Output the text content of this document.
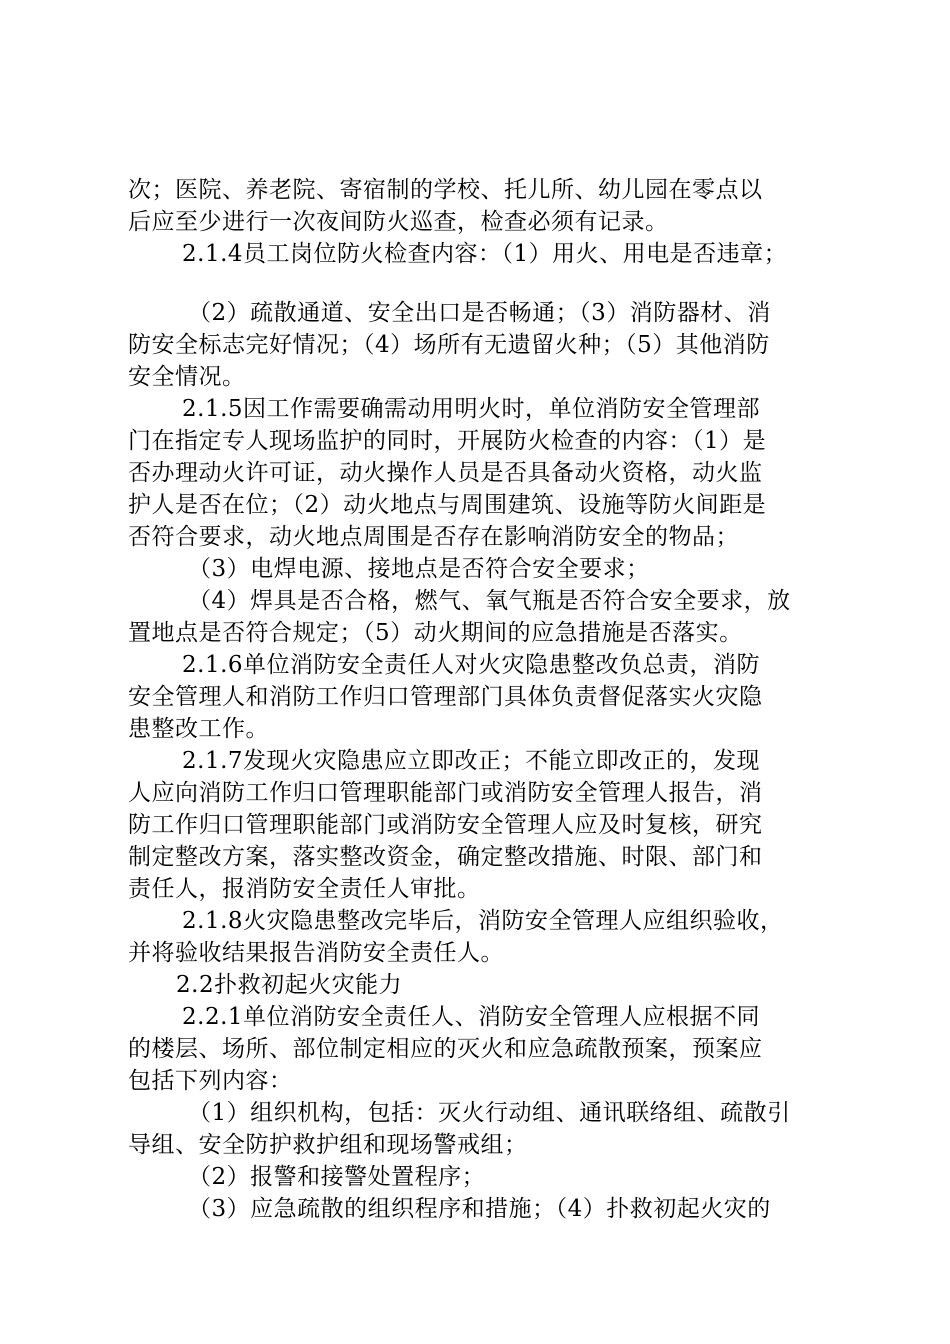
次；医院、养老院、寄宿制的学校、托儿所、幼儿园在零点以
后应至少进行一次夜间防火巡查，检查必须有记录。
2.1.4员工岗位防火检查内容：（1）用火、用电是否违章；
（2）疏散通道、安全出口是否畅通；（3）消防器材、消
防安全标志完好情况；（4）场所有无遗留火种；（5）其他消防
安全情况。
2.1.5因工作需要确需动用明火时，单位消防安全管理部
门在指定专人现场监护的同时，开展防火检查的内容：（1）是
否办理动火许可证，动火操作人员是否具备动火资格，动火监
护人是否在位；（2）动火地点与周围建筑、设施等防火间距是
否符合要求，动火地点周围是否存在影响消防安全的物品；
（3）电焊电源、接地点是否符合安全要求；
（4）焊具是否合格，燃气、氧气瓶是否符合安全要求，放
置地点是否符合规定；（5）动火期间的应急措施是否落实。
2.1.6单位消防安全责任人对火灾隐患整改负总责，消防
安全管理人和消防工作归口管理部门具体负责督促落实火灾隐
患整改工作。
2.1.7发现火灾隐患应立即改正；不能立即改正的，发现
人应向消防工作归口管理职能部门或消防安全管理人报告，消
防工作归口管理职能部门或消防安全管理人应及时复核，研究
制定整改方案，落实整改资金，确定整改措施、时限、部门和
责任人，报消防安全责任人审批。
2.1.8火灾隐患整改完毕后，消防安全管理人应组织验收，
并将验收结果报告消防安全责任人。
2.2扑救初起火灾能力
2.2.1单位消防安全责任人、消防安全管理人应根据不同
的楼层、场所、部位制定相应的灭火和应急疏散预案，预案应
包括下列内容：
（1）组织机构，包括：灭火行动组、通讯联络组、疏散引
导组、安全防护救护组和现场警戒组；
（2）报警和接警处置程序；
（3）应急疏散的组织程序和措施；（4）扑救初起火灾的
